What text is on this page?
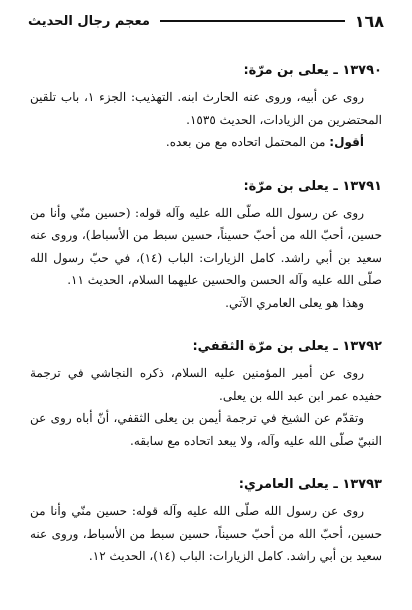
١٦٨
معجم رجال الحديث

١٣٧٩٠ ـ يعلى بن مرّة:

روى عن أبيه، وروى عنه الحارث ابنه. التهذيب: الجزء ١، باب تلقين المحتضرين من الزيادات، الحديث ١٥٣٥.

أقول: من المحتمل اتحاده مع من بعده.

١٣٧٩١ ـ يعلى بن مرّة:

روى عن رسول الله صلّى الله عليه وآله قوله: (حسين منّي وأنا من حسين، أحبّ الله من أحبّ حسيناً، حسين سبط من الأسباط)، وروى عنه سعيد بن أبي راشد. كامل الزيارات: الباب (١٤)، في حبّ رسول الله صلّى الله عليه وآله الحسن والحسين عليهما السلام، الحديث ١١.

وهذا هو يعلى العامري الآتي.

١٣٧٩٢ ـ يعلى بن مرّة الثقفي:

روى عن أمير المؤمنين عليه السلام، ذكره النجاشي في ترجمة حفيده عمر ابن عبد الله بن يعلى.

وتقدّم عن الشيخ في ترجمة أيمن بن يعلى الثقفي، أنّ أباه روى عن النبيّ صلّى الله عليه وآله، ولا يبعد اتحاده مع سابقه.

١٣٧٩٣ ـ يعلى العامري:

روى عن رسول الله صلّى الله عليه وآله قوله: حسين منّي وأنا من حسين، أحبّ الله من أحبّ حسيناً، حسين سبط من الأسباط، وروى عنه سعيد بن أبي راشد. كامل الزيارات: الباب (١٤)، الحديث ١٢.
